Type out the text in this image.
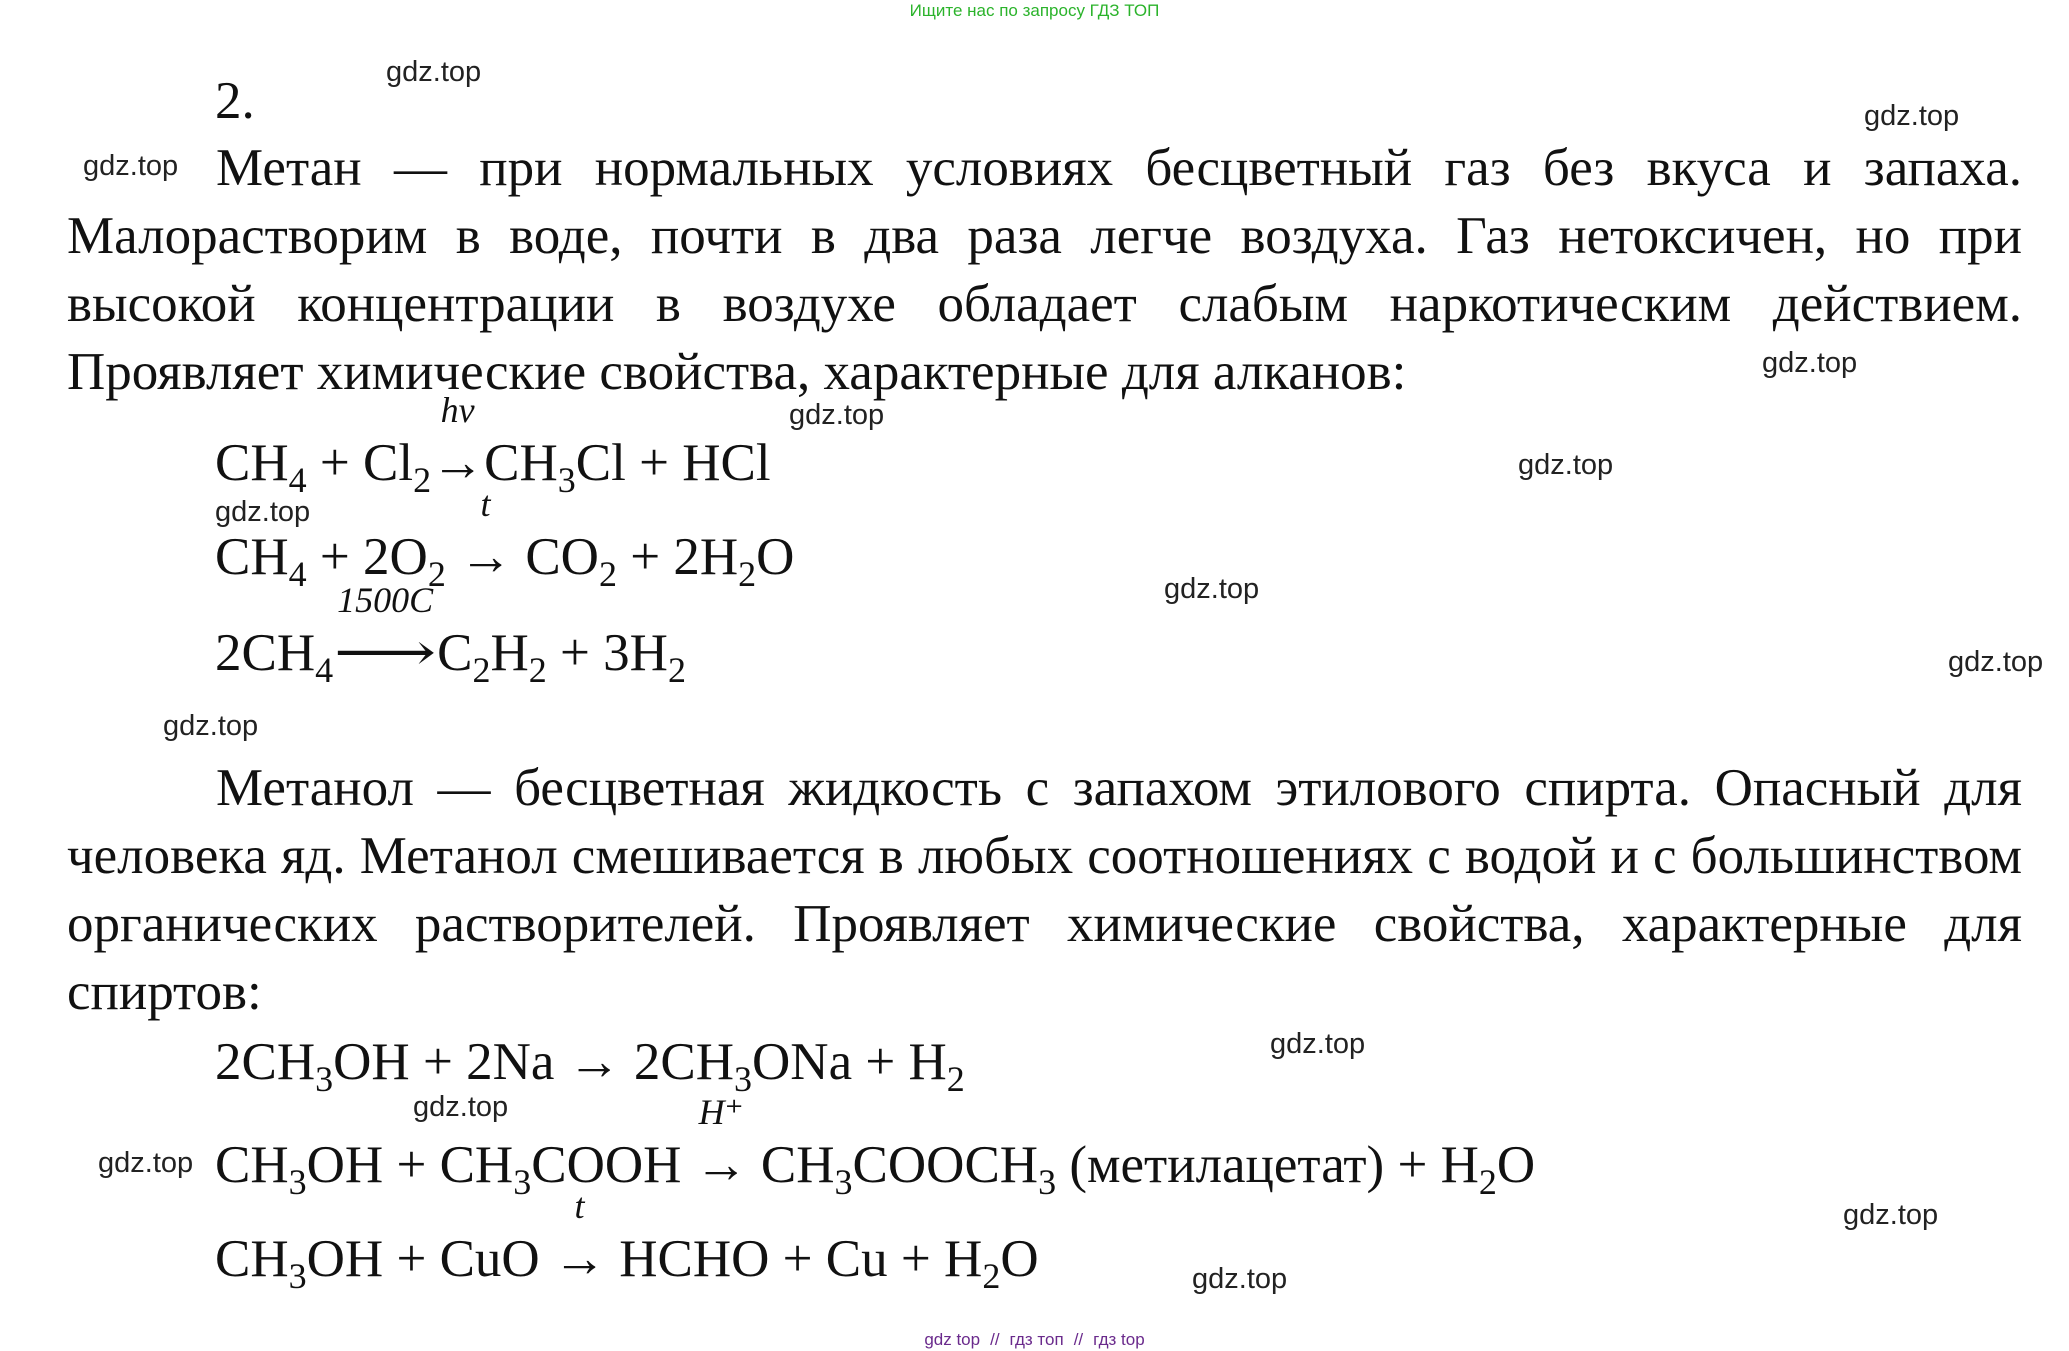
Ищите нас по запросу ГДЗ ТОП
2.
Метан — при нормальных условиях бесцветный газ без вкуса и запаха. Малорастворим в воде, почти в два раза легче воздуха. Газ нетоксичен, но при высокой концентрации в воздухе обладает слабым наркотическим действием. Проявляет химические свойства, характерные для алканов:
$CH_4 + Cl_2$
hν
$\to CH_3Cl$ + HCl
$CH_4 + 2O_2$
t
→ $CO_2 + 2H_2O$
$2CH_4$
1500C
$⟶C_2H_2 + 3H_2$
Метанол — бесцветная жидкость с запахом этилового спирта. Опасный для человека яд. Метанол смешивается в любых соотношениях с водой и с большинством органических растворителей. Проявляет химические свойства, характерные для спиртов:
$2CH_3OH + 2Na \to 2CH_3ONa + H_2$
$CH_3OH$ + $CH_3COOH$
H⁺
→ $CH_3COOCH_3$ (метилацетат) + $H_2O$
$CH_3OH$ + CuO
t
→ HCHO + $Cu + H_2O$
gdz.top
gdz.top
gdz.top
gdz.top
gdz.top
gdz.top
gdz.top
gdz.top
gdz.top
gdz.top
gdz.top
gdz.top
gdz.top
gdz.top
gdz.top
gdz top // гдз топ // гдз top
